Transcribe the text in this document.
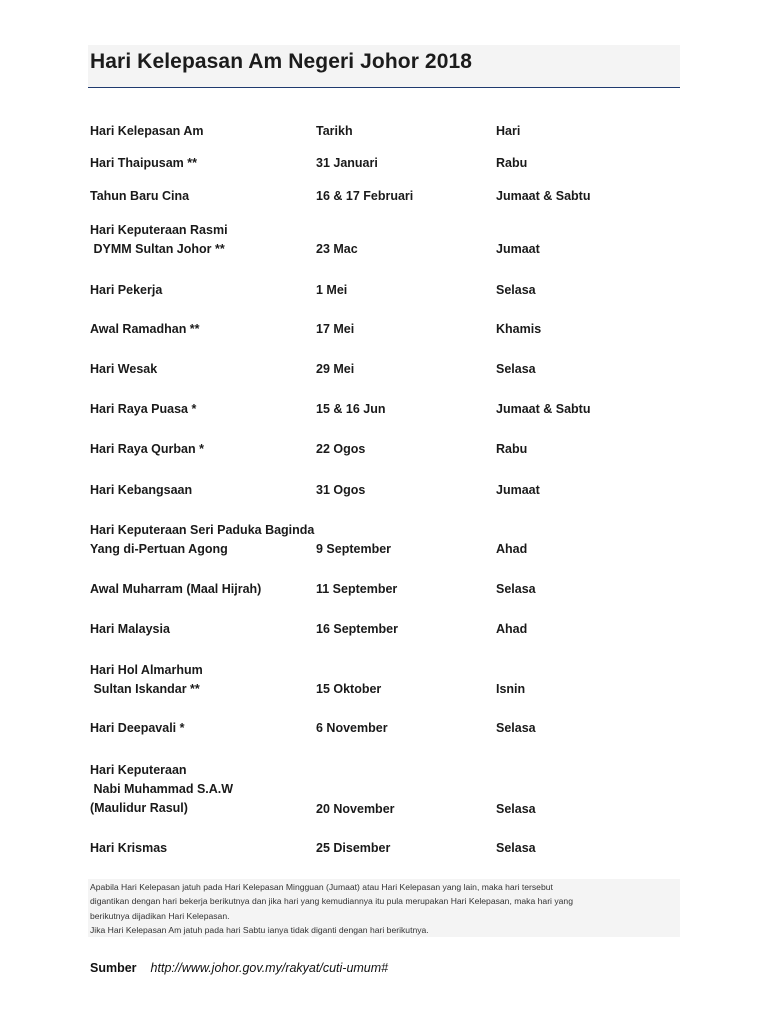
Hari Kelepasan Am Negeri Johor 2018
Hari Kelepasan Am	Tarikh	Hari
Hari Thaipusam **	31 Januari	Rabu
Tahun Baru Cina	16 & 17 Februari	Jumaat & Sabtu
Hari Keputeraan Rasmi
DYMM Sultan Johor **	23 Mac	Jumaat
Hari Pekerja	1 Mei	Selasa
Awal Ramadhan **	17 Mei	Khamis
Hari Wesak	29 Mei	Selasa
Hari Raya Puasa *	15 & 16 Jun	Jumaat & Sabtu
Hari Raya Qurban *	22 Ogos	Rabu
Hari Kebangsaan	31 Ogos	Jumaat
Hari Keputeraan Seri Paduka Baginda
Yang di-Pertuan Agong	9 September	Ahad
Awal Muharram (Maal Hijrah)	11 September	Selasa
Hari Malaysia	16 September	Ahad
Hari Hol Almarhum
Sultan Iskandar **	15 Oktober	Isnin
Hari Deepavali *	6 November	Selasa
Hari Keputeraan
Nabi Muhammad S.A.W
(Maulidur Rasul)	20 November	Selasa
Hari Krismas	25 Disember	Selasa
Apabila Hari Kelepasan jatuh pada Hari Kelepasan Mingguan (Jumaat) atau Hari Kelepasan yang lain, maka hari tersebut
digantikan dengan hari bekerja berikutnya dan jika hari yang kemudiannya itu pula merupakan Hari Kelepasan, maka hari yang
berikutnya dijadikan Hari Kelepasan.
Jika Hari Kelepasan Am jatuh pada hari Sabtu ianya tidak diganti dengan hari berikutnya.
Sumber http://www.johor.gov.my/rakyat/cuti-umum#
